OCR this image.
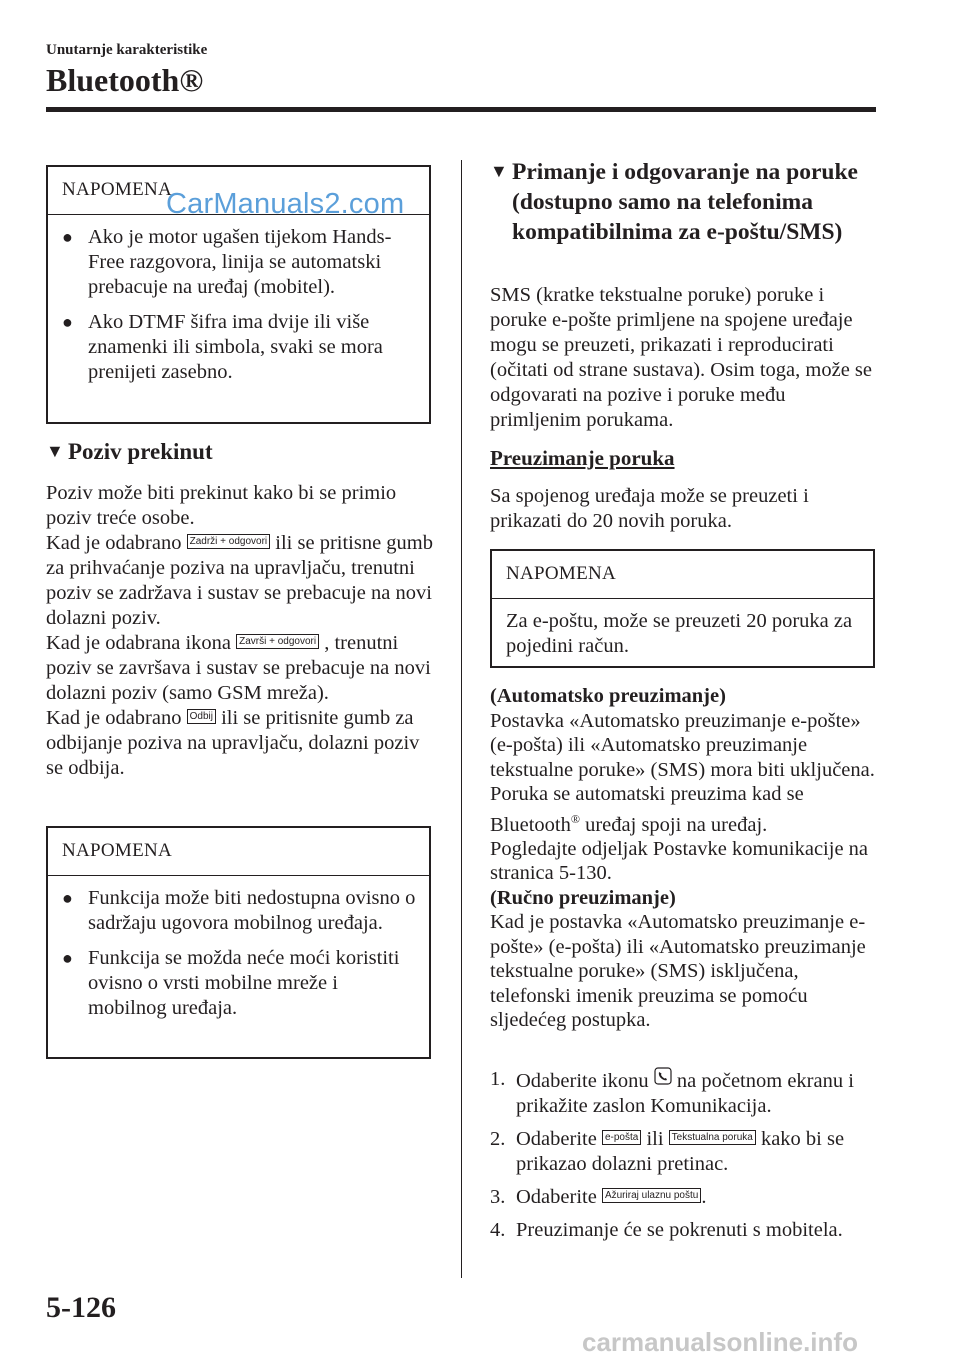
Unutarnje karakteristike
Bluetooth®
NAPOMENA
● Ako je motor ugašen tijekom Hands-Free razgovora, linija se automatski prebacuje na uređaj (mobitel).
● Ako DTMF šifra ima dvije ili više znamenki ili simbola, svaki se mora prenijeti zasebno.
CarManuals2.com
▼ Poziv prekinut

Poziv može biti prekinut kako bi se primio poziv treće osobe.

Kad je odabrano Zadrži + odgovori ili se pritisne gumb za prihvaćanje poziva na upravljaču, trenutni poziv se zadržava i sustav se prebacuje na novi dolazni poziv.

Kad je odabrana ikona Završi + odgovori , trenutni poziv se završava i sustav se prebacuje na novi dolazni poziv (samo GSM mreža).

Kad je odabrano Odbij ili se pritisnite gumb za odbijanje poziva na upravljaču, dolazni poziv se odbija.

NAPOMENA
● Funkcija može biti nedostupna ovisno o sadržaju ugovora mobilnog uređaja.
● Funkcija se možda neće moći koristiti ovisno o vrsti mobilne mreže i mobilnog uređaja.
▼ Primanje i odgovaranje na poruke (dostupno samo na telefonima kompatibilnima za e-poštu/SMS)
SMS (kratke tekstualne poruke) poruke i poruke e-pošte primljene na spojene uređaje mogu se preuzeti, prikazati i reproducirati (očitati od strane sustava). Osim toga, može se odgovarati na pozive i poruke među primljenim porukama.
Preuzimanje poruka
Sa spojenog uređaja može se preuzeti i prikazati do 20 novih poruka.
NAPOMENA
Za e-poštu, može se preuzeti 20 poruka za pojedini račun.

(Automatsko preuzimanje)

Postavka «Automatsko preuzimanje e-pošte» (e-pošta) ili «Automatsko preuzimanje tekstualne poruke» (SMS) mora biti uključena. Poruka se automatski preuzima kad se Bluetooth® uređaj spoji na uređaj.

Pogledajte odjeljak Postavke komunikacije na stranica 5-130.

(Ručno preuzimanje)

Kad je postavka «Automatsko preuzimanje e-pošte» (e-pošta) ili «Automatsko preuzimanje tekstualne poruke» (SMS) isključena, telefonski imenik preuzima se pomoću sljedećeg postupka.

1. Odaberite ikonu  na početnom ekranu i prikažite zaslon Komunikacija.
2. Odaberite e-pošta ili Tekstualna poruka kako bi se prikazao dolazni pretinac.
3. Odaberite Ažuriraj ulaznu poštu .
4. Preuzimanje će se pokrenuti s mobitela.
5-126
carmanualsonline.info
